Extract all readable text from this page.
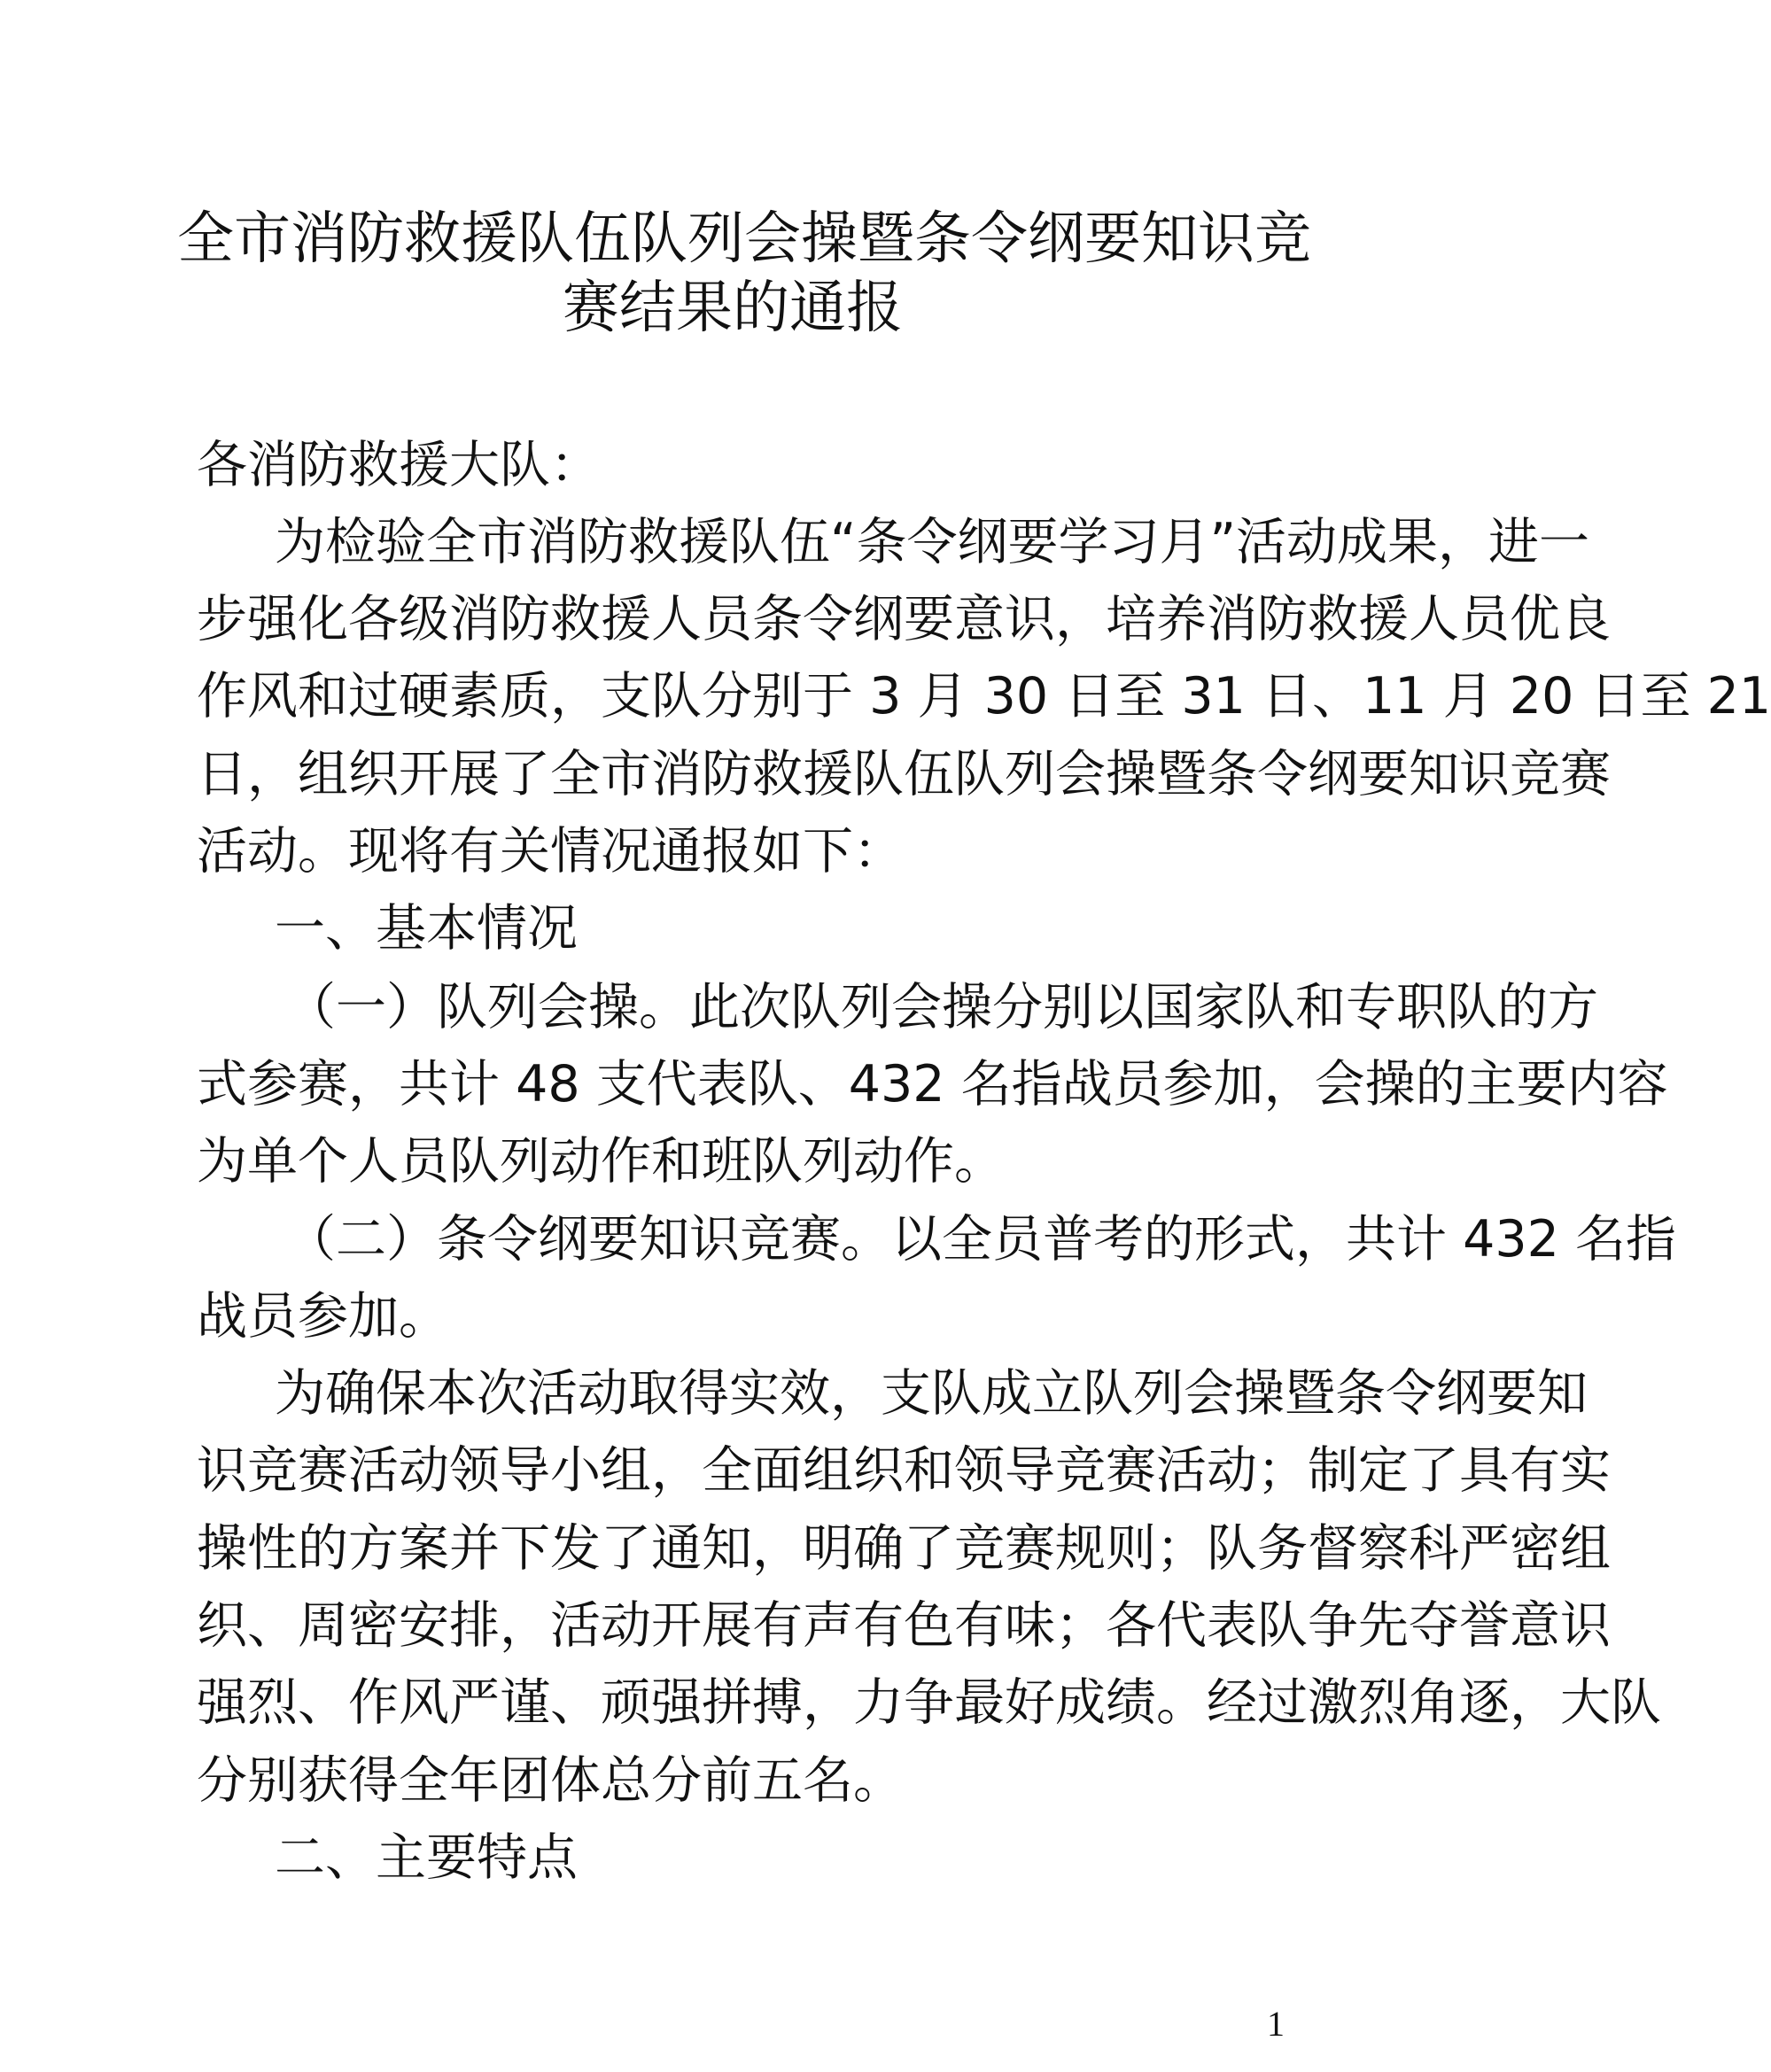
全市消防救援队伍队列会操暨条令纲要知识竞
赛结果的通报
各消防救援大队：
为检验全市消防救援队伍“条令纲要学习月”活动成果，进一
步强化各级消防救援人员条令纲要意识，培养消防救援人员优良
作风和过硬素质，支队分别于 3 月 30 日至 31 日、11 月 20 日至 21
日，组织开展了全市消防救援队伍队列会操暨条令纲要知识竞赛
活动。现将有关情况通报如下：
一、基本情况
（一）队列会操。此次队列会操分别以国家队和专职队的方
式参赛，共计 48 支代表队、432 名指战员参加，会操的主要内容
为单个人员队列动作和班队列动作。
（二）条令纲要知识竞赛。以全员普考的形式，共计 432 名指
战员参加。
为确保本次活动取得实效，支队成立队列会操暨条令纲要知
识竞赛活动领导小组，全面组织和领导竞赛活动；制定了具有实
操性的方案并下发了通知，明确了竞赛规则；队务督察科严密组
织、周密安排，活动开展有声有色有味；各代表队争先夺誉意识
强烈、作风严谨、顽强拼搏，力争最好成绩。经过激烈角逐，大队
分别获得全年团体总分前五名。
二、主要特点
1
